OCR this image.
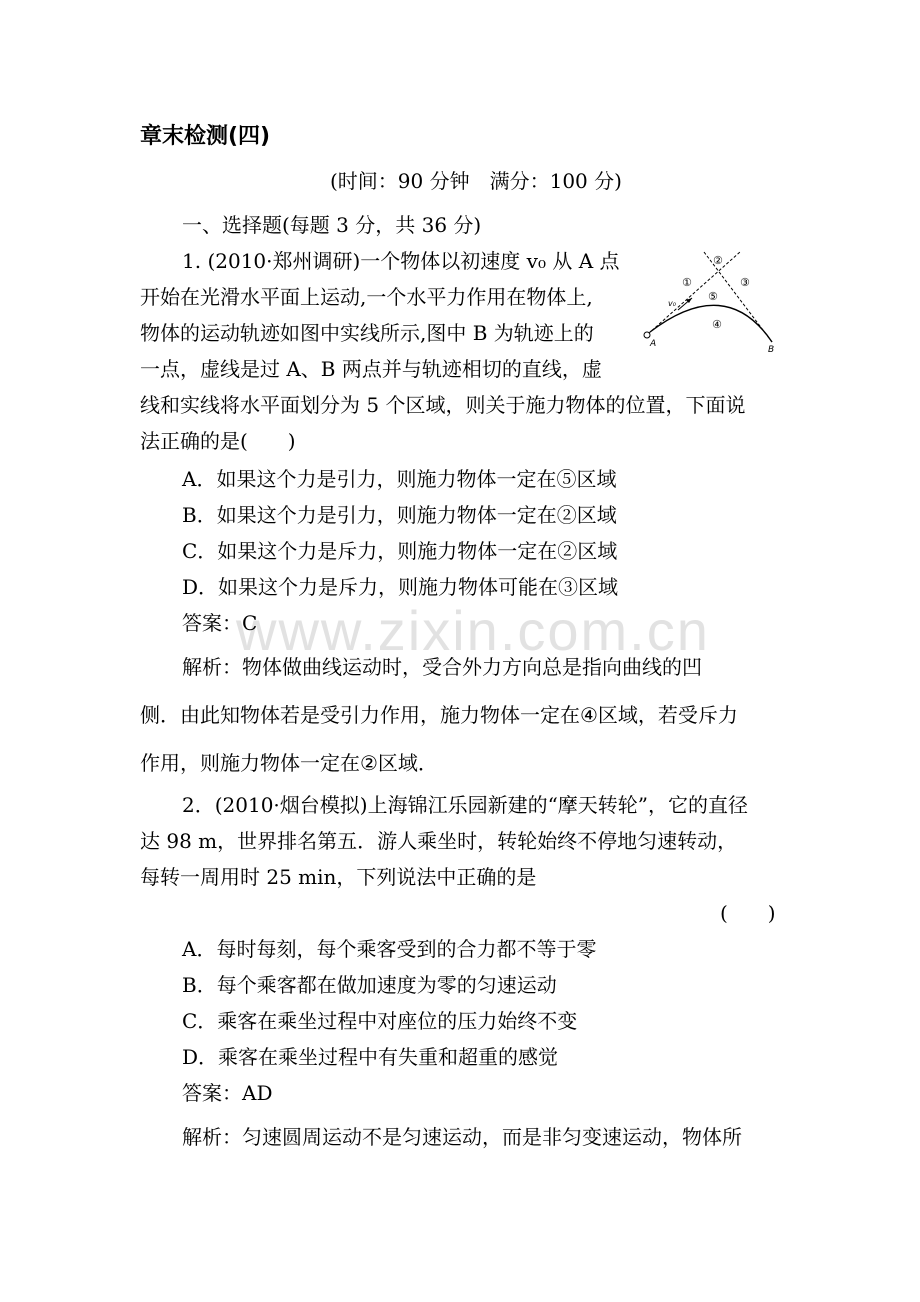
www.zixin.com.cn
章末检测(四)
(时间：90 分钟　满分：100 分)
一、选择题(每题 3 分，共 36 分)
1. (2010·郑州调研)一个物体以初速度 v₀ 从 A 点
开始在光滑水平面上运动,一个水平力作用在物体上,
物体的运动轨迹如图中实线所示,图中 B 为轨迹上的
一点，虚线是过 A、B 两点并与轨迹相切的直线，虚
线和实线将水平面划分为 5 个区域，则关于施力物体的位置，下面说
法正确的是(　　)
v₀
A
B
①
②
③
④
⑤
A．如果这个力是引力，则施力物体一定在⑤区域
B．如果这个力是引力，则施力物体一定在②区域
C．如果这个力是斥力，则施力物体一定在②区域
D．如果这个力是斥力，则施力物体可能在③区域
答案：C
解析：物体做曲线运动时，受合外力方向总是指向曲线的凹
侧．由此知物体若是受引力作用，施力物体一定在④区域，若受斥力
作用，则施力物体一定在②区域．
2．(2010·烟台模拟)上海锦江乐园新建的“摩天转轮”，它的直径
达 98 m，世界排名第五．游人乘坐时，转轮始终不停地匀速转动，
每转一周用时 25 min，下列说法中正确的是
(　　)
A．每时每刻，每个乘客受到的合力都不等于零
B．每个乘客都在做加速度为零的匀速运动
C．乘客在乘坐过程中对座位的压力始终不变
D．乘客在乘坐过程中有失重和超重的感觉
答案：AD
解析：匀速圆周运动不是匀速运动，而是非匀变速运动，物体所
